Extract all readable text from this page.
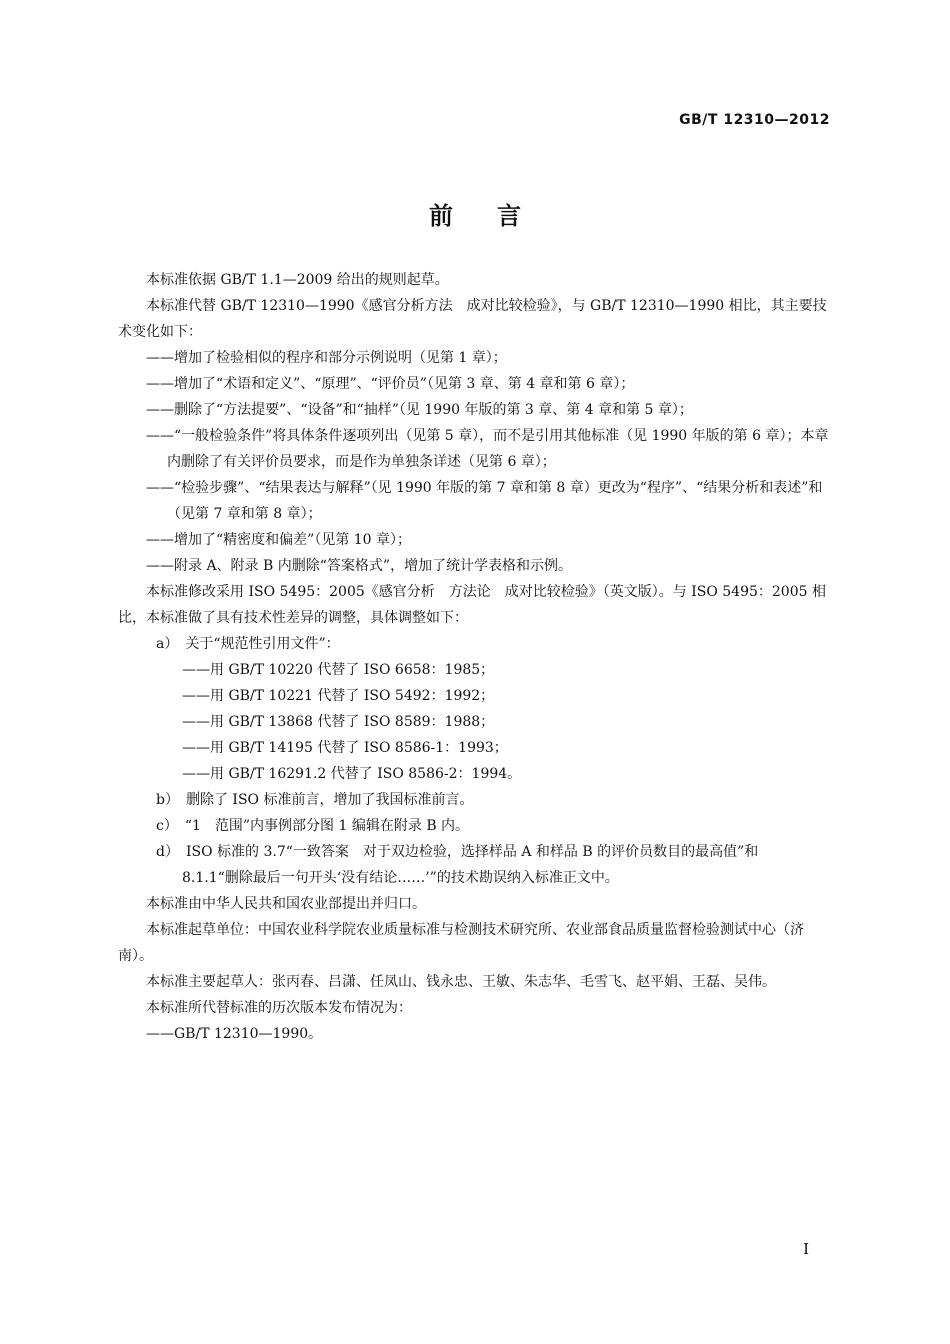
GB/T 12310—2012
前 言

本标准依据 GB/T 1.1—2009 给出的规则起草。

本标准代替 GB/T 12310—1990《感官分析方法　成对比较检验》，与 GB/T 12310—1990 相比，其主要技术变化如下：

——增加了检验相似的程序和部分示例说明（见第 1 章）；

——增加了“术语和定义”、“原理”、“评价员”（见第 3 章、第 4 章和第 6 章）；

——删除了“方法提要”、“设备”和“抽样”（见 1990 年版的第 3 章、第 4 章和第 5 章）；

——“一般检验条件”将具体条件逐项列出（见第 5 章），而不是引用其他标准（见 1990 年版的第 6 章）；本章内删除了有关评价员要求，而是作为单独条详述（见第 6 章）；

——“检验步骤”、“结果表达与解释”（见 1990 年版的第 7 章和第 8 章）更改为“程序”、“结果分析和表述”和（见第 7 章和第 8 章）；

——增加了“精密度和偏差”（见第 10 章）；

——附录 A、附录 B 内删除“答案格式”，增加了统计学表格和示例。

本标准修改采用 ISO 5495：2005《感官分析　方法论　成对比较检验》（英文版）。与 ISO 5495：2005 相比，本标准做了具有技术性差异的调整，具体调整如下：

a）　关于“规范性引用文件”：

——用 GB/T 10220 代替了 ISO 6658：1985；

——用 GB/T 10221 代替了 ISO 5492：1992；

——用 GB/T 13868 代替了 ISO 8589：1988；

——用 GB/T 14195 代替了 ISO 8586-1：1993；

——用 GB/T 16291.2 代替了 ISO 8586-2：1994。

b）　删除了 ISO 标准前言，增加了我国标准前言。

c）　“1　范围”内事例部分图 1 编辑在附录 B 内。

d）　ISO 标准的 3.7“一致答案　对于双边检验，选择样品 A 和样品 B 的评价员数目的最高值”和

8.1.1“删除最后一句开头‘没有结论……’”的技术勘误纳入标准正文中。

本标准由中华人民共和国农业部提出并归口。

本标准起草单位：中国农业科学院农业质量标准与检测技术研究所、农业部食品质量监督检验测试中心（济南）。

本标准主要起草人：张丙春、吕潇、任凤山、钱永忠、王敏、朱志华、毛雪飞、赵平娟、王磊、吴伟。

本标准所代替标准的历次版本发布情况为：

——GB/T 12310—1990。

I
